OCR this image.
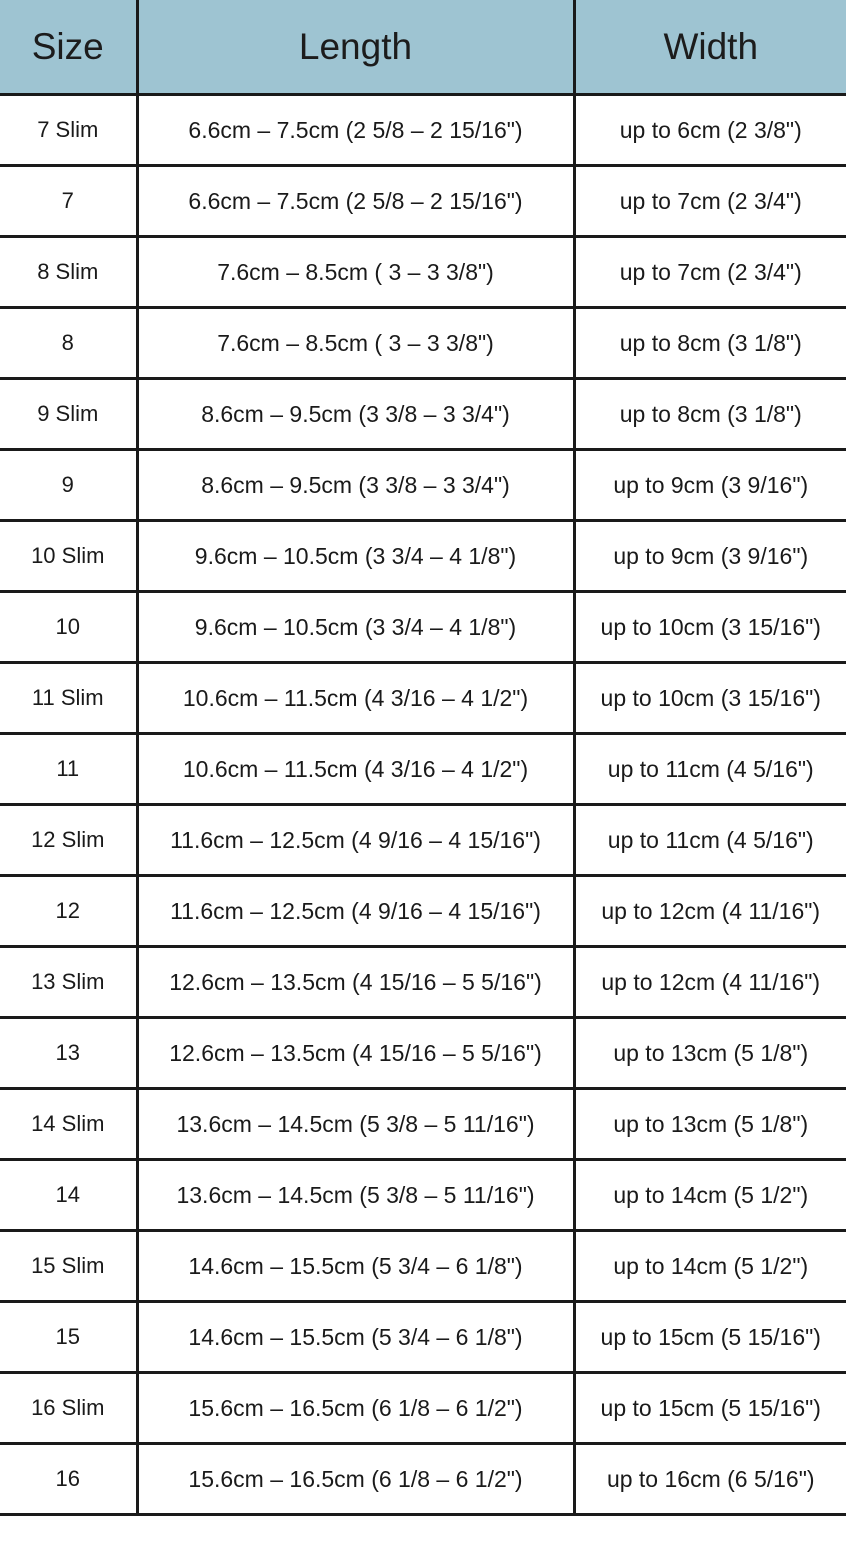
Size	Length	Width
7 Slim	6.6cm – 7.5cm (2 5/8 – 2 15/16")	up to 6cm (2 3/8")
7	6.6cm – 7.5cm (2 5/8 – 2 15/16")	up to 7cm (2 3/4")
8 Slim	7.6cm – 8.5cm ( 3 – 3 3/8")	up to 7cm (2 3/4")
8	7.6cm – 8.5cm ( 3 – 3 3/8")	up to 8cm (3 1/8")
9 Slim	8.6cm – 9.5cm (3 3/8 – 3 3/4")	up to 8cm (3 1/8")
9	8.6cm – 9.5cm (3 3/8 – 3 3/4")	up to 9cm (3 9/16")
10 Slim	9.6cm – 10.5cm (3 3/4 – 4 1/8")	up to 9cm (3 9/16")
10	9.6cm – 10.5cm (3 3/4 – 4 1/8")	up to 10cm (3 15/16")
11 Slim	10.6cm – 11.5cm (4 3/16 – 4 1/2")	up to 10cm (3 15/16")
11	10.6cm – 11.5cm (4 3/16 – 4 1/2")	up to 11cm (4 5/16")
12 Slim	11.6cm – 12.5cm (4 9/16 – 4 15/16")	up to 11cm (4 5/16")
12	11.6cm – 12.5cm (4 9/16 – 4 15/16")	up to 12cm (4 11/16")
13 Slim	12.6cm – 13.5cm (4 15/16 – 5 5/16")	up to 12cm (4 11/16")
13	12.6cm – 13.5cm (4 15/16 – 5 5/16")	up to 13cm (5 1/8")
14 Slim	13.6cm – 14.5cm (5 3/8 – 5 11/16")	up to 13cm (5 1/8")
14	13.6cm – 14.5cm (5 3/8 – 5 11/16")	up to 14cm (5 1/2")
15 Slim	14.6cm – 15.5cm (5 3/4 – 6 1/8")	up to 14cm (5 1/2")
15	14.6cm – 15.5cm (5 3/4 – 6 1/8")	up to 15cm (5 15/16")
16 Slim	15.6cm – 16.5cm (6 1/8 – 6 1/2")	up to 15cm (5 15/16")
16	15.6cm – 16.5cm (6 1/8 – 6 1/2")	up to 16cm (6 5/16")
